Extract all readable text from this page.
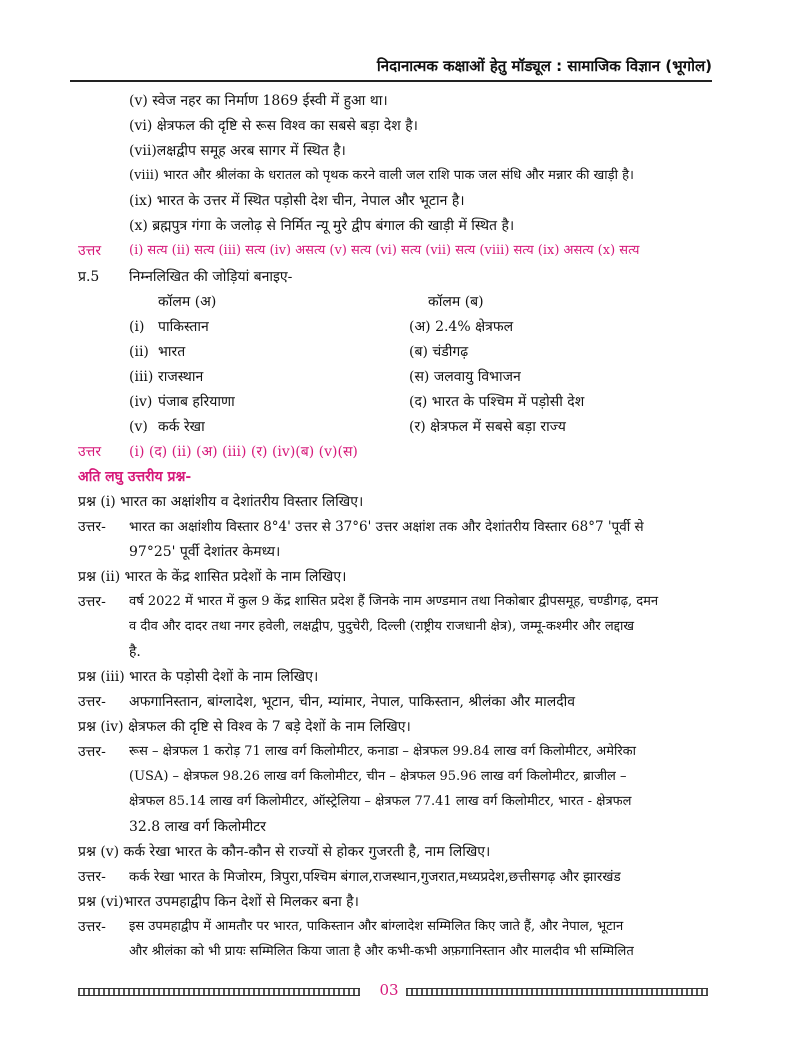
निदानात्मक कक्षाओं हेतु मॉड्यूल : सामाजिक विज्ञान (भूगोल)
(v) स्वेज नहर का निर्माण 1869 ईस्वी में हुआ था।
(vi) क्षेत्रफल की दृष्टि से रूस विश्व का सबसे बड़ा देश है।
(vii)लक्षद्वीप समूह अरब सागर में स्थित है।
(viii) भारत और श्रीलंका के धरातल को पृथक करने वाली जल राशि पाक जल संधि और मन्नार की खाड़ी है।
(ix) भारत के उत्तर में स्थित पड़ोसी देश चीन, नेपाल और भूटान है।
(x) ब्रह्मपुत्र गंगा के जलोढ़ से निर्मित न्यू मुरे द्वीप बंगाल की खाड़ी में स्थित है।
उत्तर (i) सत्य (ii) सत्य (iii) सत्य (iv) असत्य (v) सत्य (vi) सत्य (vii) सत्य (viii) सत्य (ix) असत्य (x) सत्य
प्र.5 निम्नलिखित की जोड़ियां बनाइए-
कॉलम (अ)	कॉलम (ब)
(i) पाकिस्तान	(अ) 2.4% क्षेत्रफल
(ii) भारत	(ब) चंडीगढ़
(iii) राजस्थान	(स) जलवायु विभाजन
(iv) पंजाब हरियाणा	(द) भारत के पश्चिम में पड़ोसी देश
(v) कर्क रेखा	(र) क्षेत्रफल में सबसे बड़ा राज्य
उत्तर (i) (द) (ii) (अ) (iii) (र) (iv)(ब) (v)(स)
अति लघु उत्तरीय प्रश्न-
प्रश्न (i) भारत का अक्षांशीय व देशांतरीय विस्तार लिखिए।
उत्तर- भारत का अक्षांशीय विस्तार 8°4' उत्तर से 37°6' उत्तर अक्षांश तक और देशांतरीय विस्तार 68°7 'पूर्वी से
97°25' पूर्वी देशांतर केमध्य।
प्रश्न (ii) भारत के केंद्र शासित प्रदेशों के नाम लिखिए।
उत्तर- वर्ष 2022 में भारत में कुल 9 केंद्र शासित प्रदेश हैं जिनके नाम अण्डमान तथा निकोबार द्वीपसमूह, चण्डीगढ़, दमन
व दीव और दादर तथा नगर हवेली, लक्षद्वीप, पुदुचेरी, दिल्ली (राष्ट्रीय राजधानी क्षेत्र), जम्मू-कश्मीर और लद्दाख
है.
प्रश्न (iii) भारत के पड़ोसी देशों के नाम लिखिए।
उत्तर- अफगानिस्तान, बांग्लादेश, भूटान, चीन, म्यांमार, नेपाल, पाकिस्तान, श्रीलंका और मालदीव
प्रश्न (iv) क्षेत्रफल की दृष्टि से विश्व के 7 बड़े देशों के नाम लिखिए।
उत्तर- रूस – क्षेत्रफल 1 करोड़ 71 लाख वर्ग किलोमीटर, कनाडा – क्षेत्रफल 99.84 लाख वर्ग किलोमीटर, अमेरिका
(USA) – क्षेत्रफल 98.26 लाख वर्ग किलोमीटर, चीन – क्षेत्रफल 95.96 लाख वर्ग किलोमीटर, ब्राजील –
क्षेत्रफल 85.14 लाख वर्ग किलोमीटर, ऑस्ट्रेलिया – क्षेत्रफल 77.41 लाख वर्ग किलोमीटर, भारत - क्षेत्रफल
32.8 लाख वर्ग किलोमीटर
प्रश्न (v) कर्क रेखा भारत के कौन-कौन से राज्यों से होकर गुजरती है, नाम लिखिए।
उत्तर- कर्क रेखा भारत के मिजोरम, त्रिपुरा,पश्चिम बंगाल,राजस्थान,गुजरात,मध्यप्रदेश,छत्तीसगढ़ और झारखंड
प्रश्न (vi)भारत उपमहाद्वीप किन देशों से मिलकर बना है।
उत्तर- इस उपमहाद्वीप में आमतौर पर भारत, पाकिस्तान और बांग्लादेश सम्मिलित किए जाते हैं, और नेपाल, भूटान
और श्रीलंका को भी प्रायः सम्मिलित किया जाता है और कभी-कभी अफ़गानिस्तान और मालदीव भी सम्मिलित
03
